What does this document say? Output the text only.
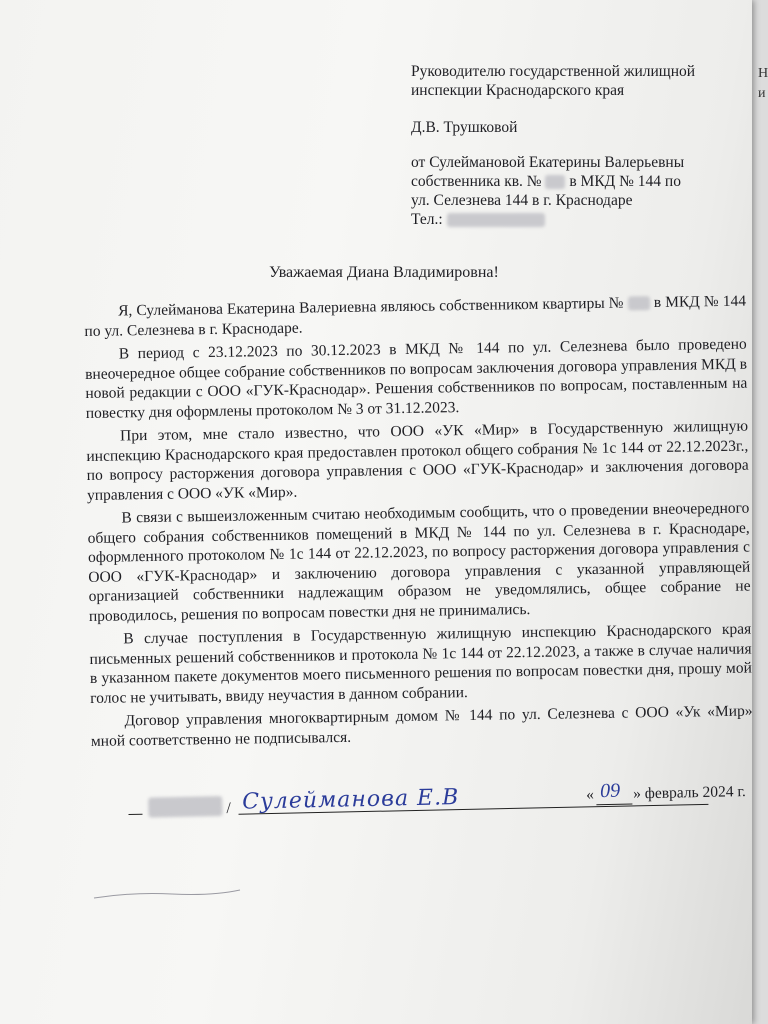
Н
и
Руководителю государственной жилищной
инспекции Краснодарского края
Д.В. Трушковой
от Сулеймановой Екатерины Валерьевны
собственника кв. № в МКД № 144 по
ул. Селезнева 144 в г. Краснодаре
Тел.:
Уважаемая Диана Владимировна!

Я, Сулейманова Екатерина Валериевна являюсь собственником квартиры № в МКД № 144 по ул. Селезнева в г. Краснодаре.

В период с 23.12.2023 по 30.12.2023 в МКД № 144 по ул. Селезнева было проведено внеочередное общее собрание собственников по вопросам заключения договора управления МКД в новой редакции с ООО «ГУК-Краснодар». Решения собственников по вопросам, поставленным на повестку дня оформлены протоколом № 3 от 31.12.2023.

При этом, мне стало известно, что ООО «УК «Мир» в Государственную жилищную инспекцию Краснодарского края предоставлен протокол общего собрания № 1с 144 от 22.12.2023г., по вопросу расторжения договора управления с ООО «ГУК-Краснодар» и заключения договора управления с ООО «УК «Мир».

В связи с вышеизложенным считаю необходимым сообщить, что о проведении внеочередного общего собрания собственников помещений в МКД № 144 по ул. Селезнева в г. Краснодаре, оформленного протоколом № 1с 144 от 22.12.2023, по вопросу расторжения договора управления с ООО «ГУК-Краснодар» и заключению договора управления с указанной управляющей организацией собственники надлежащим образом не уведомлялись, общее собрание не проводилось, решения по вопросам повестки дня не принимались.

В случае поступления в Государственную жилищную инспекцию Краснодарского края письменных решений собственников и протокола № 1с 144 от 22.12.2023, а также в случае наличия в указанном пакете документов моего письменного решения по вопросам повестки дня, прошу мой голос не учитывать, ввиду неучастия в данном собрании.

Договор управления многоквартирным домом № 144 по ул. Селезнева с ООО «Ук «Мир» мной соответственно не подписывался.

/ Сулейманова Е.В	« 09 » февраль 2024 г.
